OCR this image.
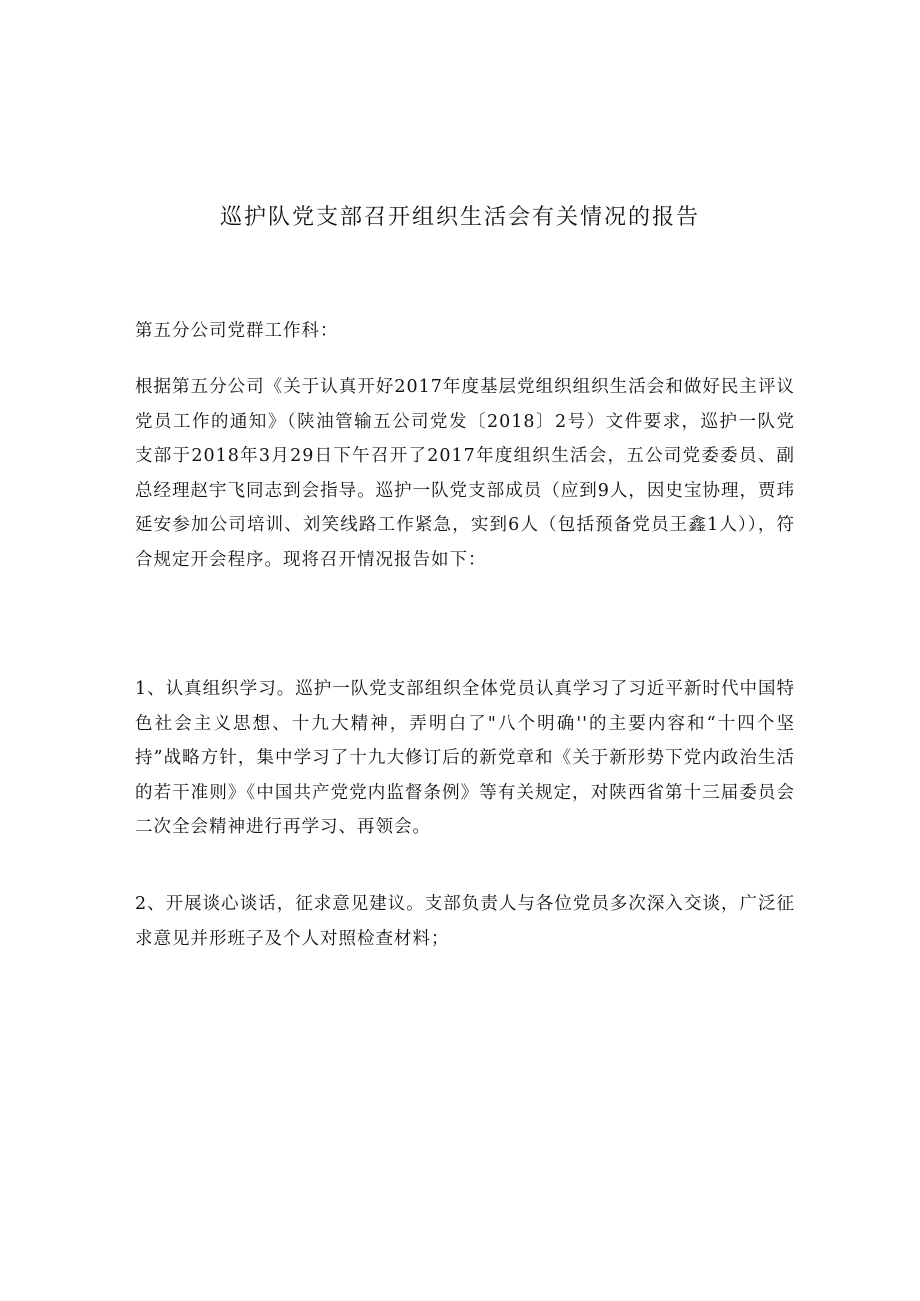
巡护队党支部召开组织生活会有关情况的报告

第五分公司党群工作科：

根据第五分公司《关于认真开好2017年度基层党组织组织生活会和做好民主评议党员工作的通知》（陕油管输五公司党发〔2018〕2号）文件要求，巡护一队党支部于2018年3月29日下午召开了2017年度组织生活会，五公司党委委员、副总经理赵宇飞同志到会指导。巡护一队党支部成员（应到9人，因史宝协理，贾玮延安参加公司培训、刘笑线路工作紧急，实到6人（包括预备党员王鑫1人）），符合规定开会程序。现将召开情况报告如下：

1、认真组织学习。巡护一队党支部组织全体党员认真学习了习近平新时代中国特色社会主义思想、十九大精神，弄明白了"八个明确''的主要内容和“十四个坚持”战略方针，集中学习了十九大修订后的新党章和《关于新形势下党内政治生活的若干准则》《中国共产党党内监督条例》等有关规定，对陕西省第十三届委员会二次全会精神进行再学习、再领会。

2、开展谈心谈话，征求意见建议。支部负责人与各位党员多次深入交谈，广泛征求意见并形班子及个人对照检查材料；
